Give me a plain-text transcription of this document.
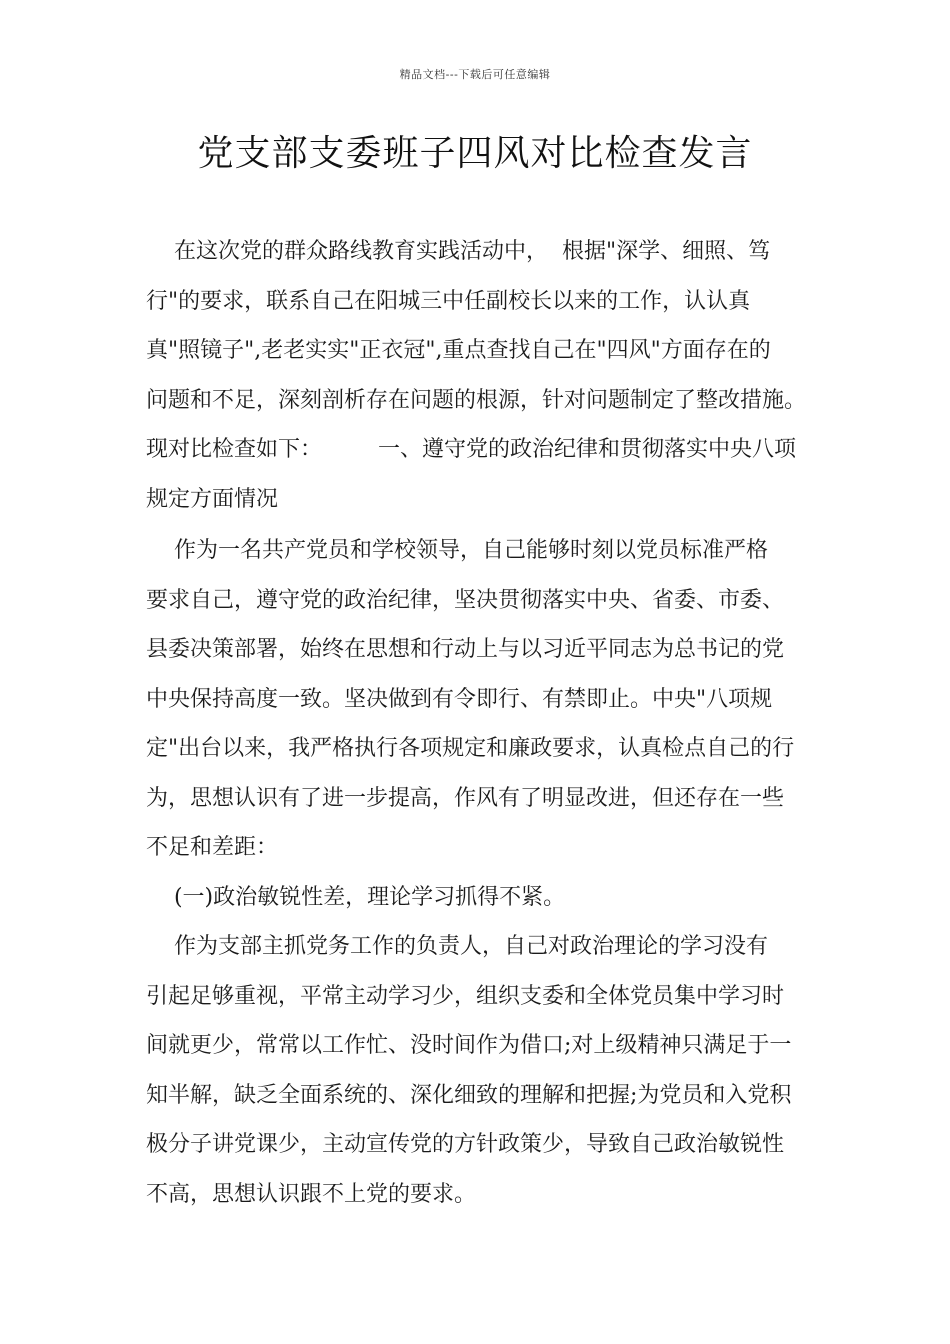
精品文档---下载后可任意编辑
党支部支委班子四风对比检查发言
在这次党的群众路线教育实践活动中，  根据"深学、细照、笃
行"的要求，联系自己在阳城三中任副校长以来的工作，认认真
真"照镜子",老老实实"正衣冠",重点查找自己在"四风"方面存在的
问题和不足，深刻剖析存在问题的根源，针对问题制定了整改措施。
现对比检查如下：        一、遵守党的政治纪律和贯彻落实中央八项
规定方面情况
作为一名共产党员和学校领导，自己能够时刻以党员标准严格
要求自己，遵守党的政治纪律，坚决贯彻落实中央、省委、市委、
县委决策部署，始终在思想和行动上与以习近平同志为总书记的党
中央保持高度一致。坚决做到有令即行、有禁即止。中央"八项规
定"出台以来，我严格执行各项规定和廉政要求，认真检点自己的行
为，思想认识有了进一步提高，作风有了明显改进，但还存在一些
不足和差距：
(一)政治敏锐性差，理论学习抓得不紧。
作为支部主抓党务工作的负责人，自己对政治理论的学习没有
引起足够重视，平常主动学习少，组织支委和全体党员集中学习时
间就更少，常常以工作忙、没时间作为借口;对上级精神只满足于一
知半解，缺乏全面系统的、深化细致的理解和把握;为党员和入党积
极分子讲党课少，主动宣传党的方针政策少，导致自己政治敏锐性
不高，思想认识跟不上党的要求。
